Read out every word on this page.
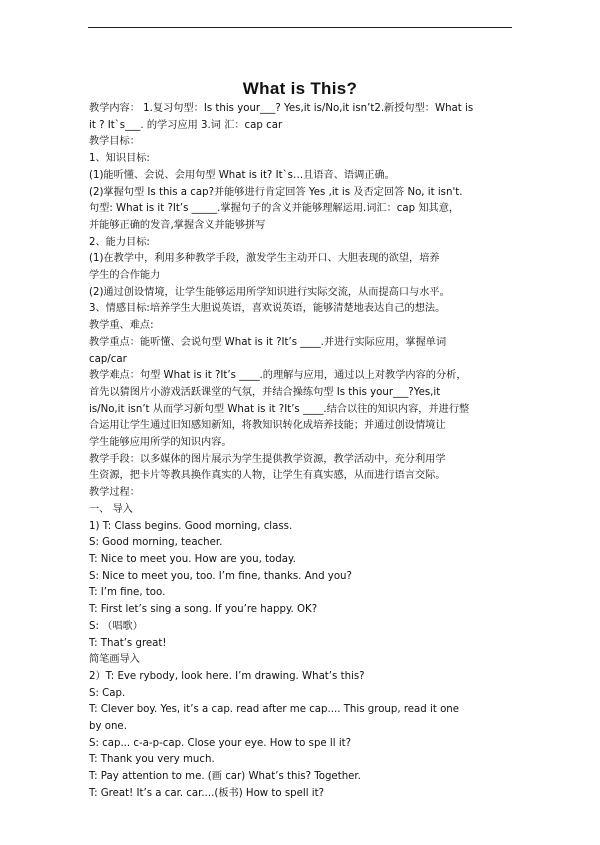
What is This?
教学内容： 1.复习句型：Is this your___? Yes,it is/No,it isn’t2.新授句型：What is
it ? It`s___. 的学习应用 3.词 汇：cap car
教学目标：
1、知识目标:
(1)能听懂、会说、会用句型 What is it? It`s…且语音、语调正确。
(2)掌握句型 Is this a cap?并能够进行肯定回答 Yes ,it is 及否定回答 No, it isn't.
句型: What is it ?It’s _____.掌握句子的含义并能够理解运用.词汇：cap 知其意，
并能够正确的发音,掌握含义并能够拼写
2、能力目标:
(1)在教学中，利用多种教学手段，激发学生主动开口、大胆表现的欲望，培养
学生的合作能力
(2)通过创设情境，让学生能够运用所学知识进行实际交流，从而提高口与水平。
3、情感目标:培养学生大胆说英语，喜欢说英语，能够清楚地表达自己的想法。
教学重、难点:
教学重点：能听懂、会说句型 What is it ?It’s ____.并进行实际应用，掌握单词
cap/car
教学难点：句型 What is it ?It’s ____.的理解与应用，通过以上对教学内容的分析，
首先以猜图片小游戏活跃课堂的气氛，并结合操练句型 Is this your___?Yes,it
is/No,it isn’t 从而学习新句型 What is it ?It’s ____.结合以往的知识内容，并进行整
合运用让学生通过旧知感知新知，将教知识转化成培养技能；并通过创设情境让
学生能够应用所学的知识内容。
教学手段：以多媒体的图片展示为学生提供教学资源，教学活动中，充分利用学
生资源，把卡片等教具换作真实的人物，让学生有真实感，从而进行语言交际。
教学过程：
一、 导入
1) T: Class begins. Good morning, class.
S: Good morning, teacher.
T: Nice to meet you. How are you, today.
S: Nice to meet you, too. I’m fine, thanks. And you?
T: I’m fine, too.
T: First let’s sing a song. If you’re happy. OK?
S: （唱歌）
T: That’s great!
简笔画导入
2）T: Eve rybody, look here. I’m drawing. What’s this?
S: Cap.
T: Clever boy. Yes, it’s a cap. read after me cap.... This group, read it one
by one.
S: cap... c-a-p-cap. Close your eye. How to spe ll it?
T: Thank you very much.
T: Pay attention to me. (画 car) What’s this? Together.
T: Great! It’s a car. car....(板书) How to spell it?
